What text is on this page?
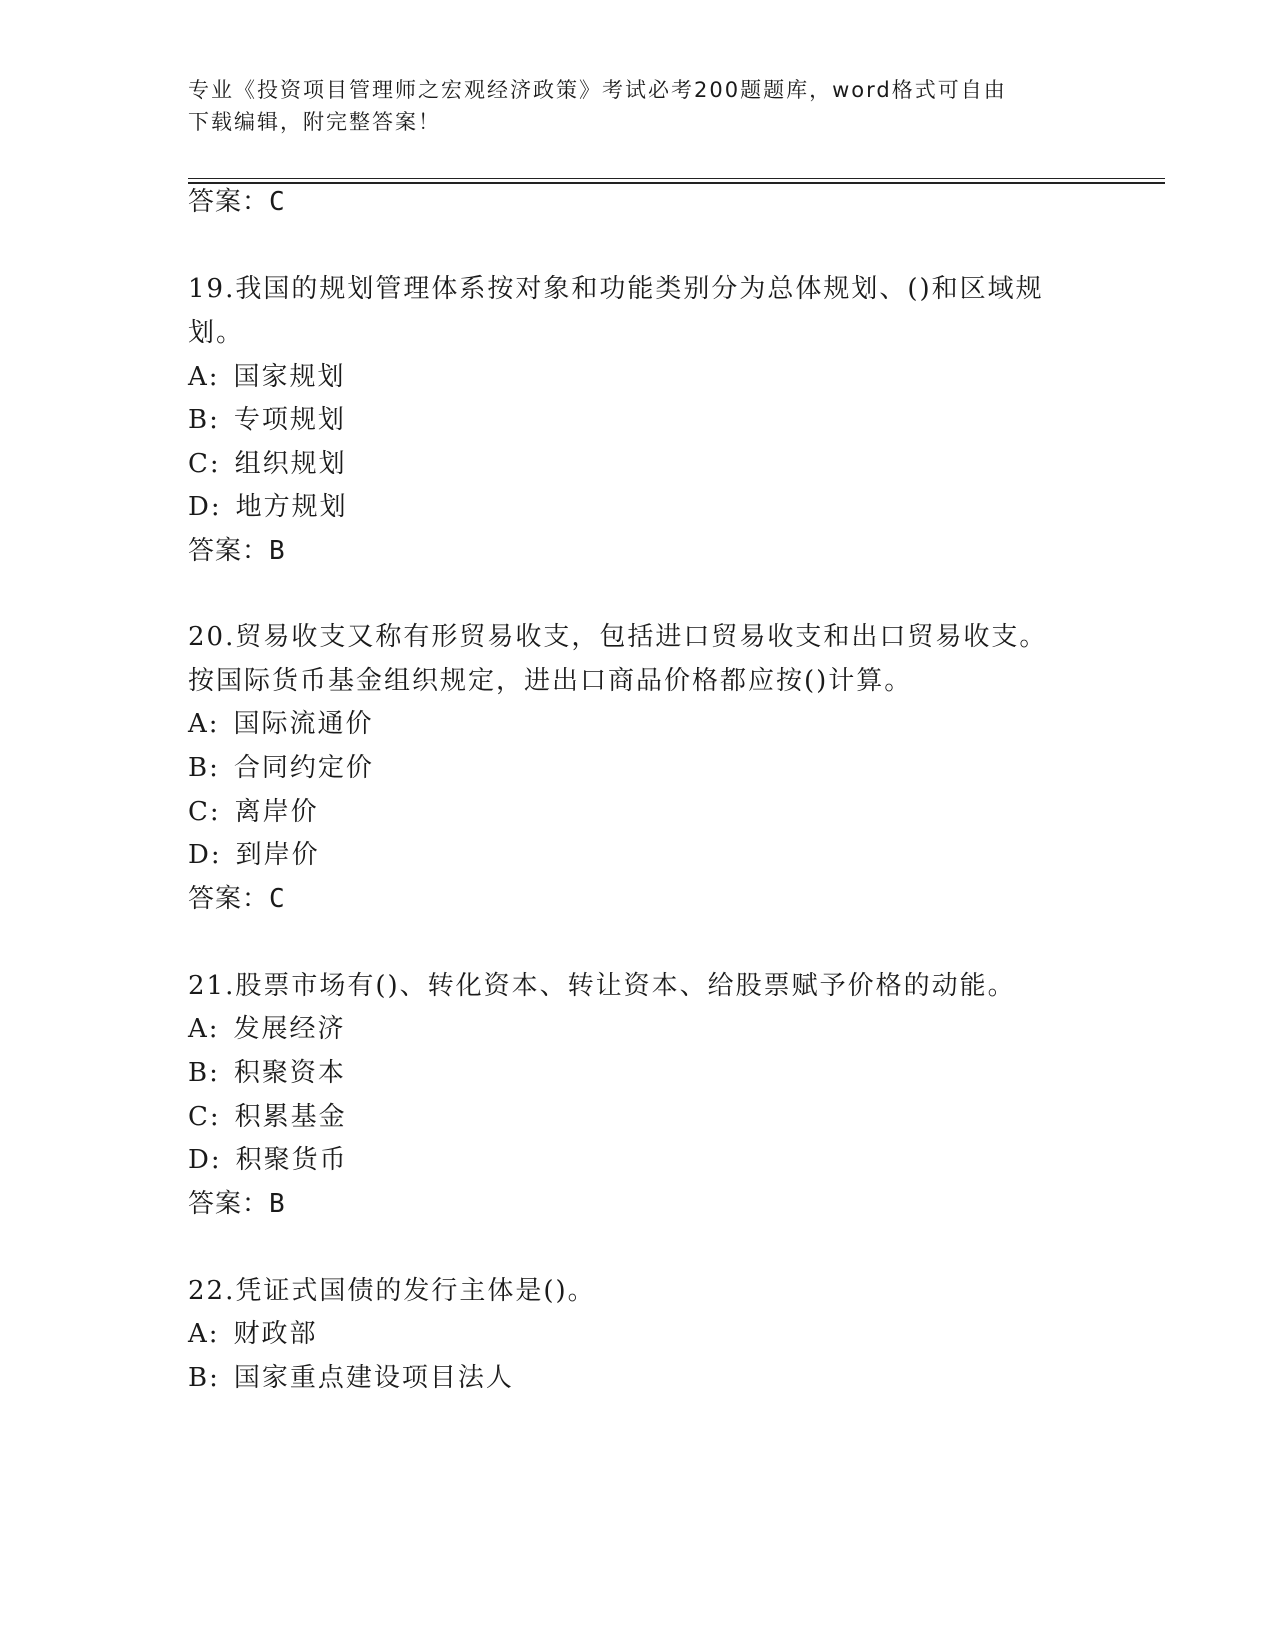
专业《投资项目管理师之宏观经济政策》考试必考200题题库，word格式可自由
下载编辑，附完整答案！
答案：C
19.我国的规划管理体系按对象和功能类别分为总体规划、()和区域规
划。
A: 国家规划
B: 专项规划
C: 组织规划
D: 地方规划
答案：B
20.贸易收支又称有形贸易收支，包括进口贸易收支和出口贸易收支。
按国际货币基金组织规定，进出口商品价格都应按()计算。
A: 国际流通价
B: 合同约定价
C: 离岸价
D: 到岸价
答案：C
21.股票市场有()、转化资本、转让资本、给股票赋予价格的动能。
A: 发展经济
B: 积聚资本
C: 积累基金
D: 积聚货币
答案：B
22.凭证式国债的发行主体是()。
A: 财政部
B: 国家重点建设项目法人
